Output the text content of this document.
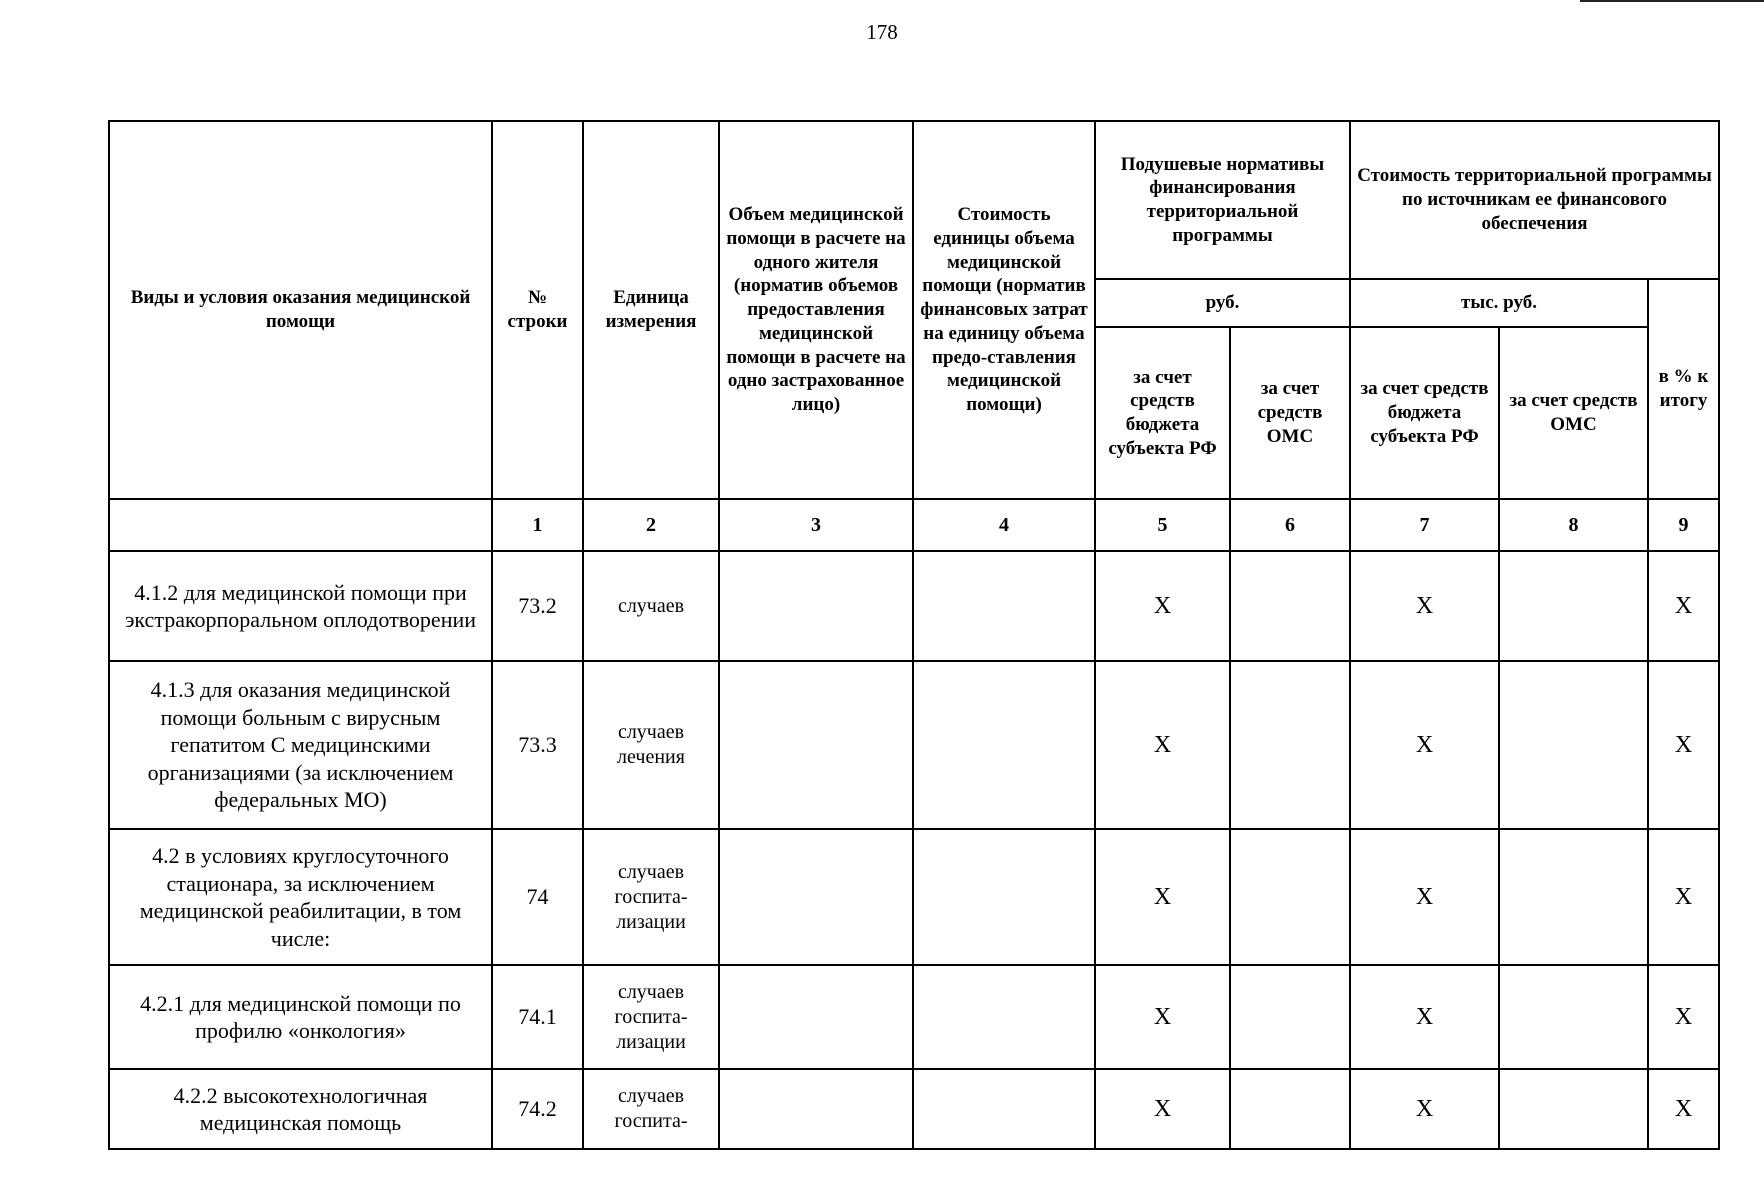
178
Виды и условия оказания медицинской помощи	№ строки	Единица измерения	Объем медицинской помощи в расчете на одного жителя (норматив объемов предоставления медицинской помощи в расчете на одно застрахованное лицо)	Стоимость единицы объема медицинской помощи (норматив финансовых затрат на единицу объема предо-ставления медицинской помощи)	Подушевые нормативы финансирования территориальной программы		Стоимость территориальной программы по источникам ее финансового обеспечения		
					руб.		тыс. руб.		в % к итогу
					за счет средств бюджета субъекта РФ	за счет средств ОМС	за счет средств бюджета субъекта РФ	за счет средств ОМС	
	1	2	3	4	5	6	7	8	9
4.1.2 для медицинской помощи при экстракорпоральном оплодотворении	73.2	случаев			X		X		X
4.1.3 для оказания медицинской помощи больным с вирусным гепатитом С медицинскими организациями (за исключением федеральных МО)	73.3	случаев лечения			X		X		X
4.2 в условиях круглосуточного стационара, за исключением медицинской реабилитации, в том числе:	74	случаев госпита-лизации			X		X		X
4.2.1 для медицинской помощи по профилю «онкология»	74.1	случаев госпита-лизации			X		X		X
4.2.2 высокотехнологичная медицинская помощь	74.2	случаев госпита-			X		X		X
